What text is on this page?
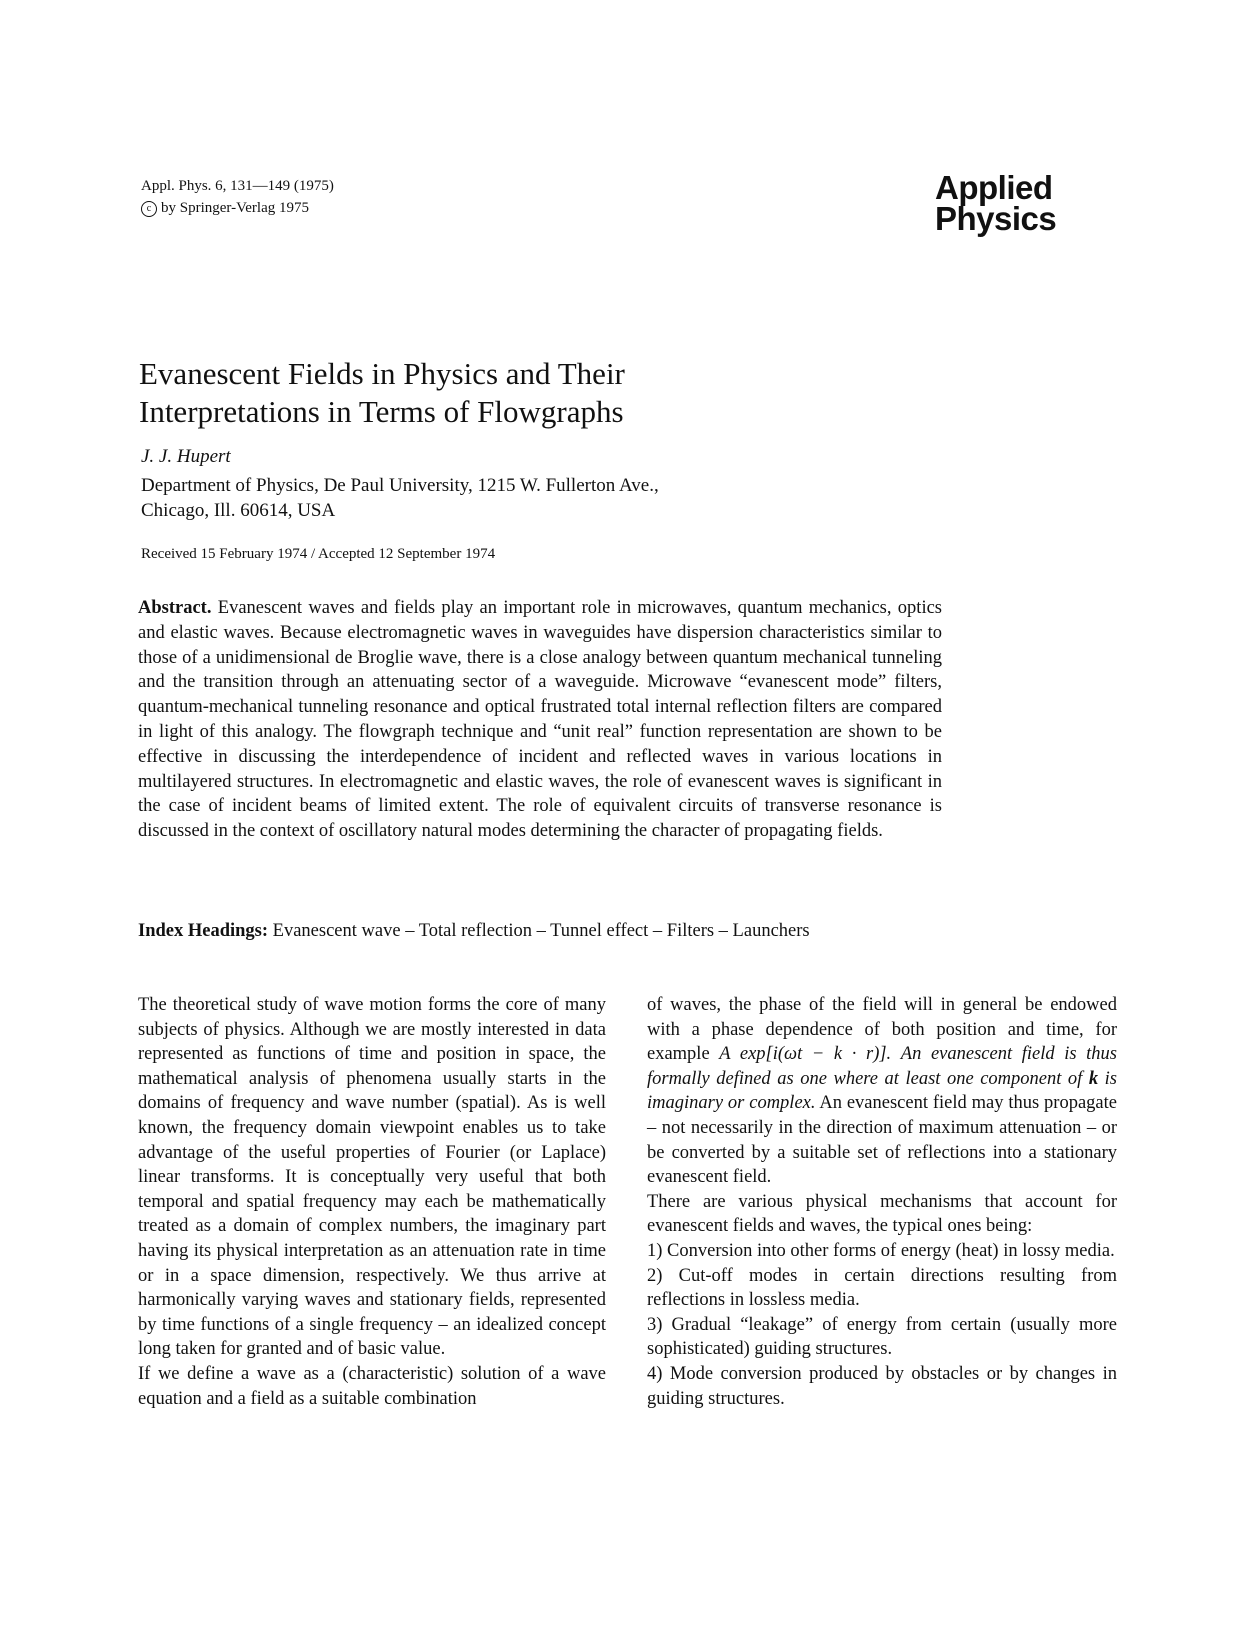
Appl. Phys. 6, 131—149 (1975)
c by Springer-Verlag 1975
Applied
Physics
Evanescent Fields in Physics and Their
Interpretations in Terms of Flowgraphs
J. J. Hupert
Department of Physics, De Paul University, 1215 W. Fullerton Ave.,
Chicago, Ill. 60614, USA
Received 15 February 1974 / Accepted 12 September 1974
Abstract. Evanescent waves and fields play an important role in microwaves, quantum mechanics, optics and elastic waves. Because electromagnetic waves in waveguides have dispersion characteristics similar to those of a unidimensional de Broglie wave, there is a close analogy between quantum mechanical tunneling and the transition through an attenuating sector of a waveguide. Microwave “evanescent mode” filters, quantum-mechanical tunneling resonance and optical frustrated total internal reflection filters are compared in light of this analogy. The flowgraph technique and “unit real” function representation are shown to be effective in discussing the interdependence of incident and reflected waves in various locations in multilayered structures. In electromagnetic and elastic waves, the role of evanescent waves is significant in the case of incident beams of limited extent. The role of equivalent circuits of transverse resonance is discussed in the context of oscillatory natural modes determining the character of propagating fields.
Index Headings: Evanescent wave – Total reflection – Tunnel effect – Filters – Launchers

The theoretical study of wave motion forms the core of many subjects of physics. Although we are mostly interested in data represented as functions of time and position in space, the mathematical analysis of phenomena usually starts in the domains of frequency and wave number (spatial). As is well known, the frequency domain viewpoint enables us to take advantage of the useful properties of Fourier (or Laplace) linear transforms. It is conceptually very useful that both temporal and spatial frequency may each be mathematically treated as a domain of complex numbers, the imaginary part having its physical interpretation as an attenuation rate in time or in a space dimension, respectively. We thus arrive at harmonically varying waves and stationary fields, represented by time functions of a single frequency – an idealized concept long taken for granted and of basic value.

If we define a wave as a (characteristic) solution of a wave equation and a field as a suitable combination

of waves, the phase of the field will in general be endowed with a phase dependence of both position and time, for example A exp[i(ωt − k · r)]. An evanescent field is thus formally defined as one where at least one component of k is imaginary or complex. An evanescent field may thus propagate – not necessarily in the direction of maximum attenuation – or be converted by a suitable set of reflections into a stationary evanescent field.

There are various physical mechanisms that account for evanescent fields and waves, the typical ones being:

1) Conversion into other forms of energy (heat) in lossy media.

2) Cut-off modes in certain directions resulting from reflections in lossless media.

3) Gradual “leakage” of energy from certain (usually more sophisticated) guiding structures.

4) Mode conversion produced by obstacles or by changes in guiding structures.
